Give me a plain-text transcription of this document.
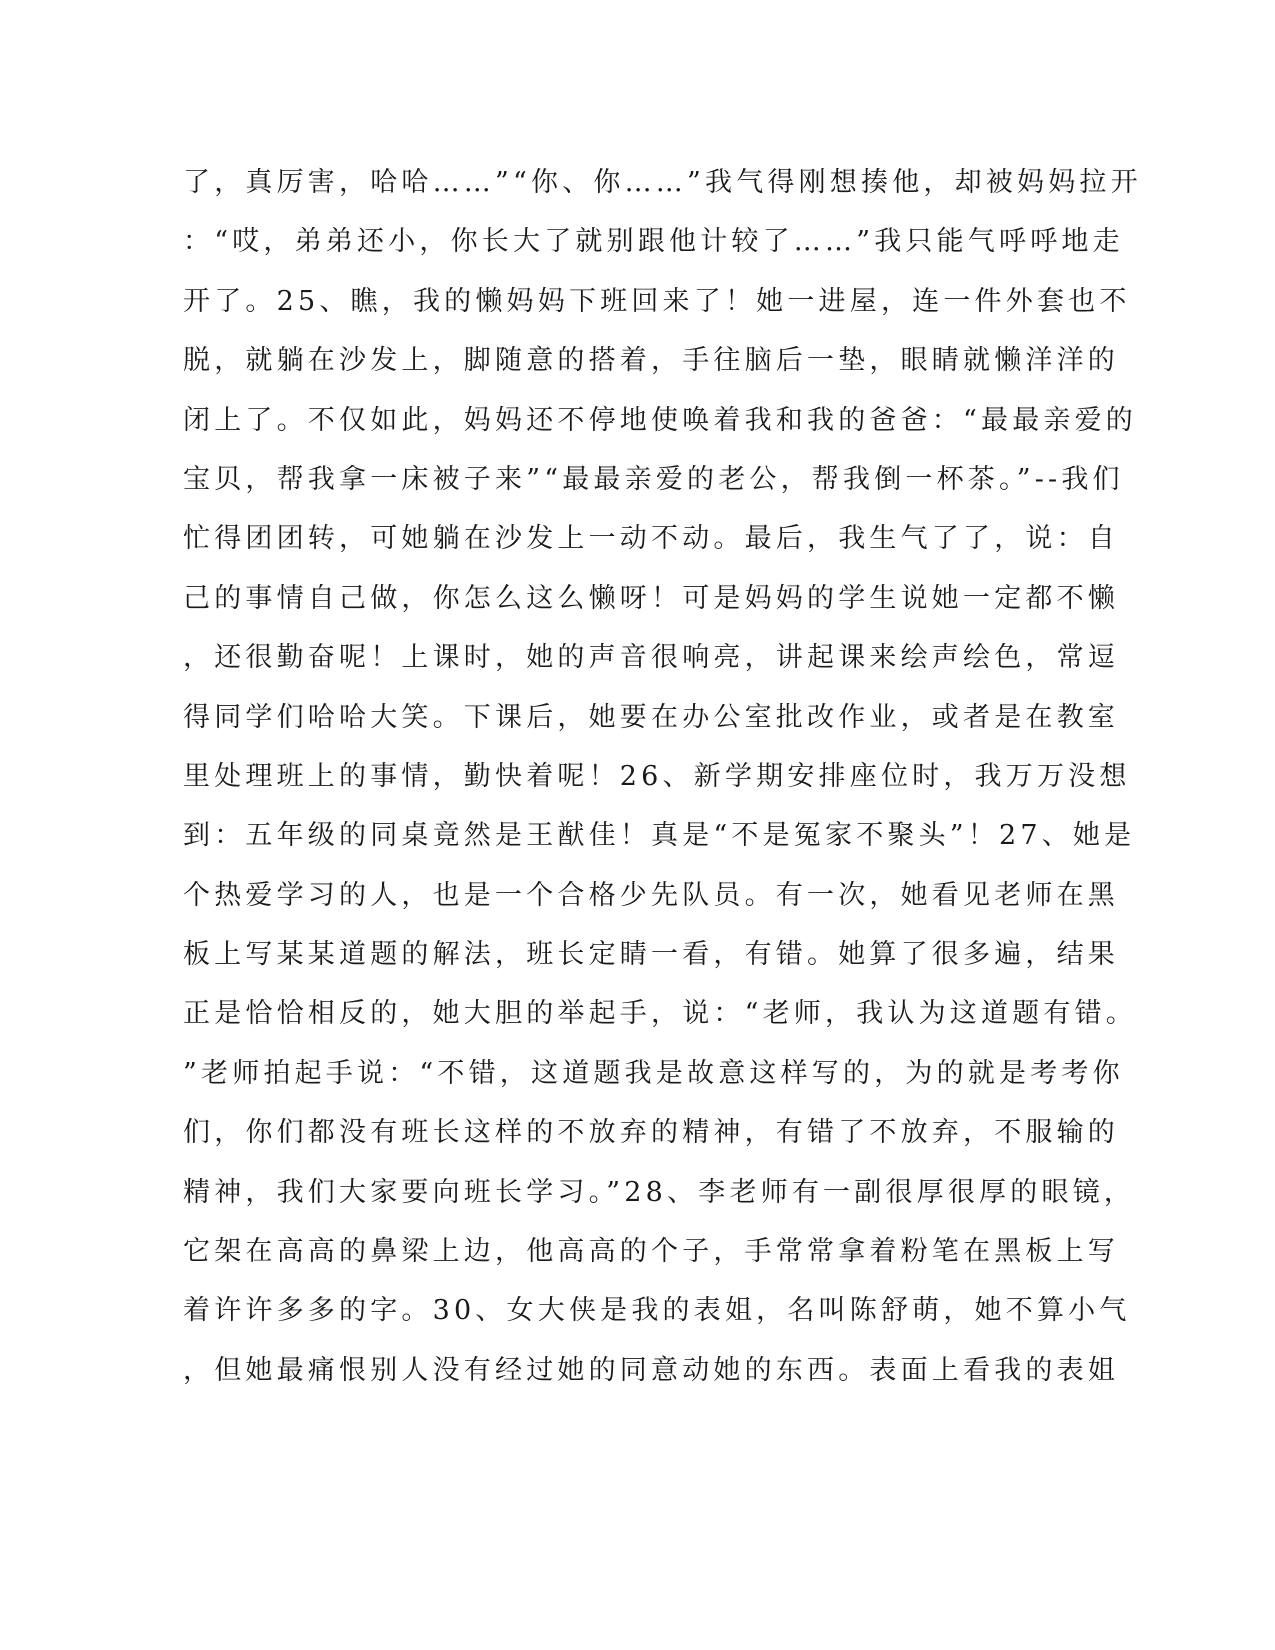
了，真厉害，哈哈……”“你、你……”我气得刚想揍他，却被妈妈拉开
：“哎，弟弟还小，你长大了就别跟他计较了……”我只能气呼呼地走
开了。25、瞧，我的懒妈妈下班回来了！她一进屋，连一件外套也不
脱，就躺在沙发上，脚随意的搭着，手往脑后一垫，眼睛就懒洋洋的
闭上了。不仅如此，妈妈还不停地使唤着我和我的爸爸：“最最亲爱的
宝贝，帮我拿一床被子来”“最最亲爱的老公，帮我倒一杯茶。”--我们
忙得团团转，可她躺在沙发上一动不动。最后，我生气了了，说：自
己的事情自己做，你怎么这么懒呀！可是妈妈的学生说她一定都不懒
，还很勤奋呢！上课时，她的声音很响亮，讲起课来绘声绘色，常逗
得同学们哈哈大笑。下课后，她要在办公室批改作业，或者是在教室
里处理班上的事情，勤快着呢！26、新学期安排座位时，我万万没想
到：五年级的同桌竟然是王猷佳！真是“不是冤家不聚头”！27、她是
个热爱学习的人，也是一个合格少先队员。有一次，她看见老师在黑
板上写某某道题的解法，班长定睛一看，有错。她算了很多遍，结果
正是恰恰相反的，她大胆的举起手，说：“老师，我认为这道题有错。
”老师拍起手说：“不错，这道题我是故意这样写的，为的就是考考你
们，你们都没有班长这样的不放弃的精神，有错了不放弃，不服输的
精神，我们大家要向班长学习。”28、李老师有一副很厚很厚的眼镜，
它架在高高的鼻梁上边，他高高的个子，手常常拿着粉笔在黑板上写
着许许多多的字。30、女大侠是我的表姐，名叫陈舒萌，她不算小气
，但她最痛恨别人没有经过她的同意动她的东西。表面上看我的表姐
